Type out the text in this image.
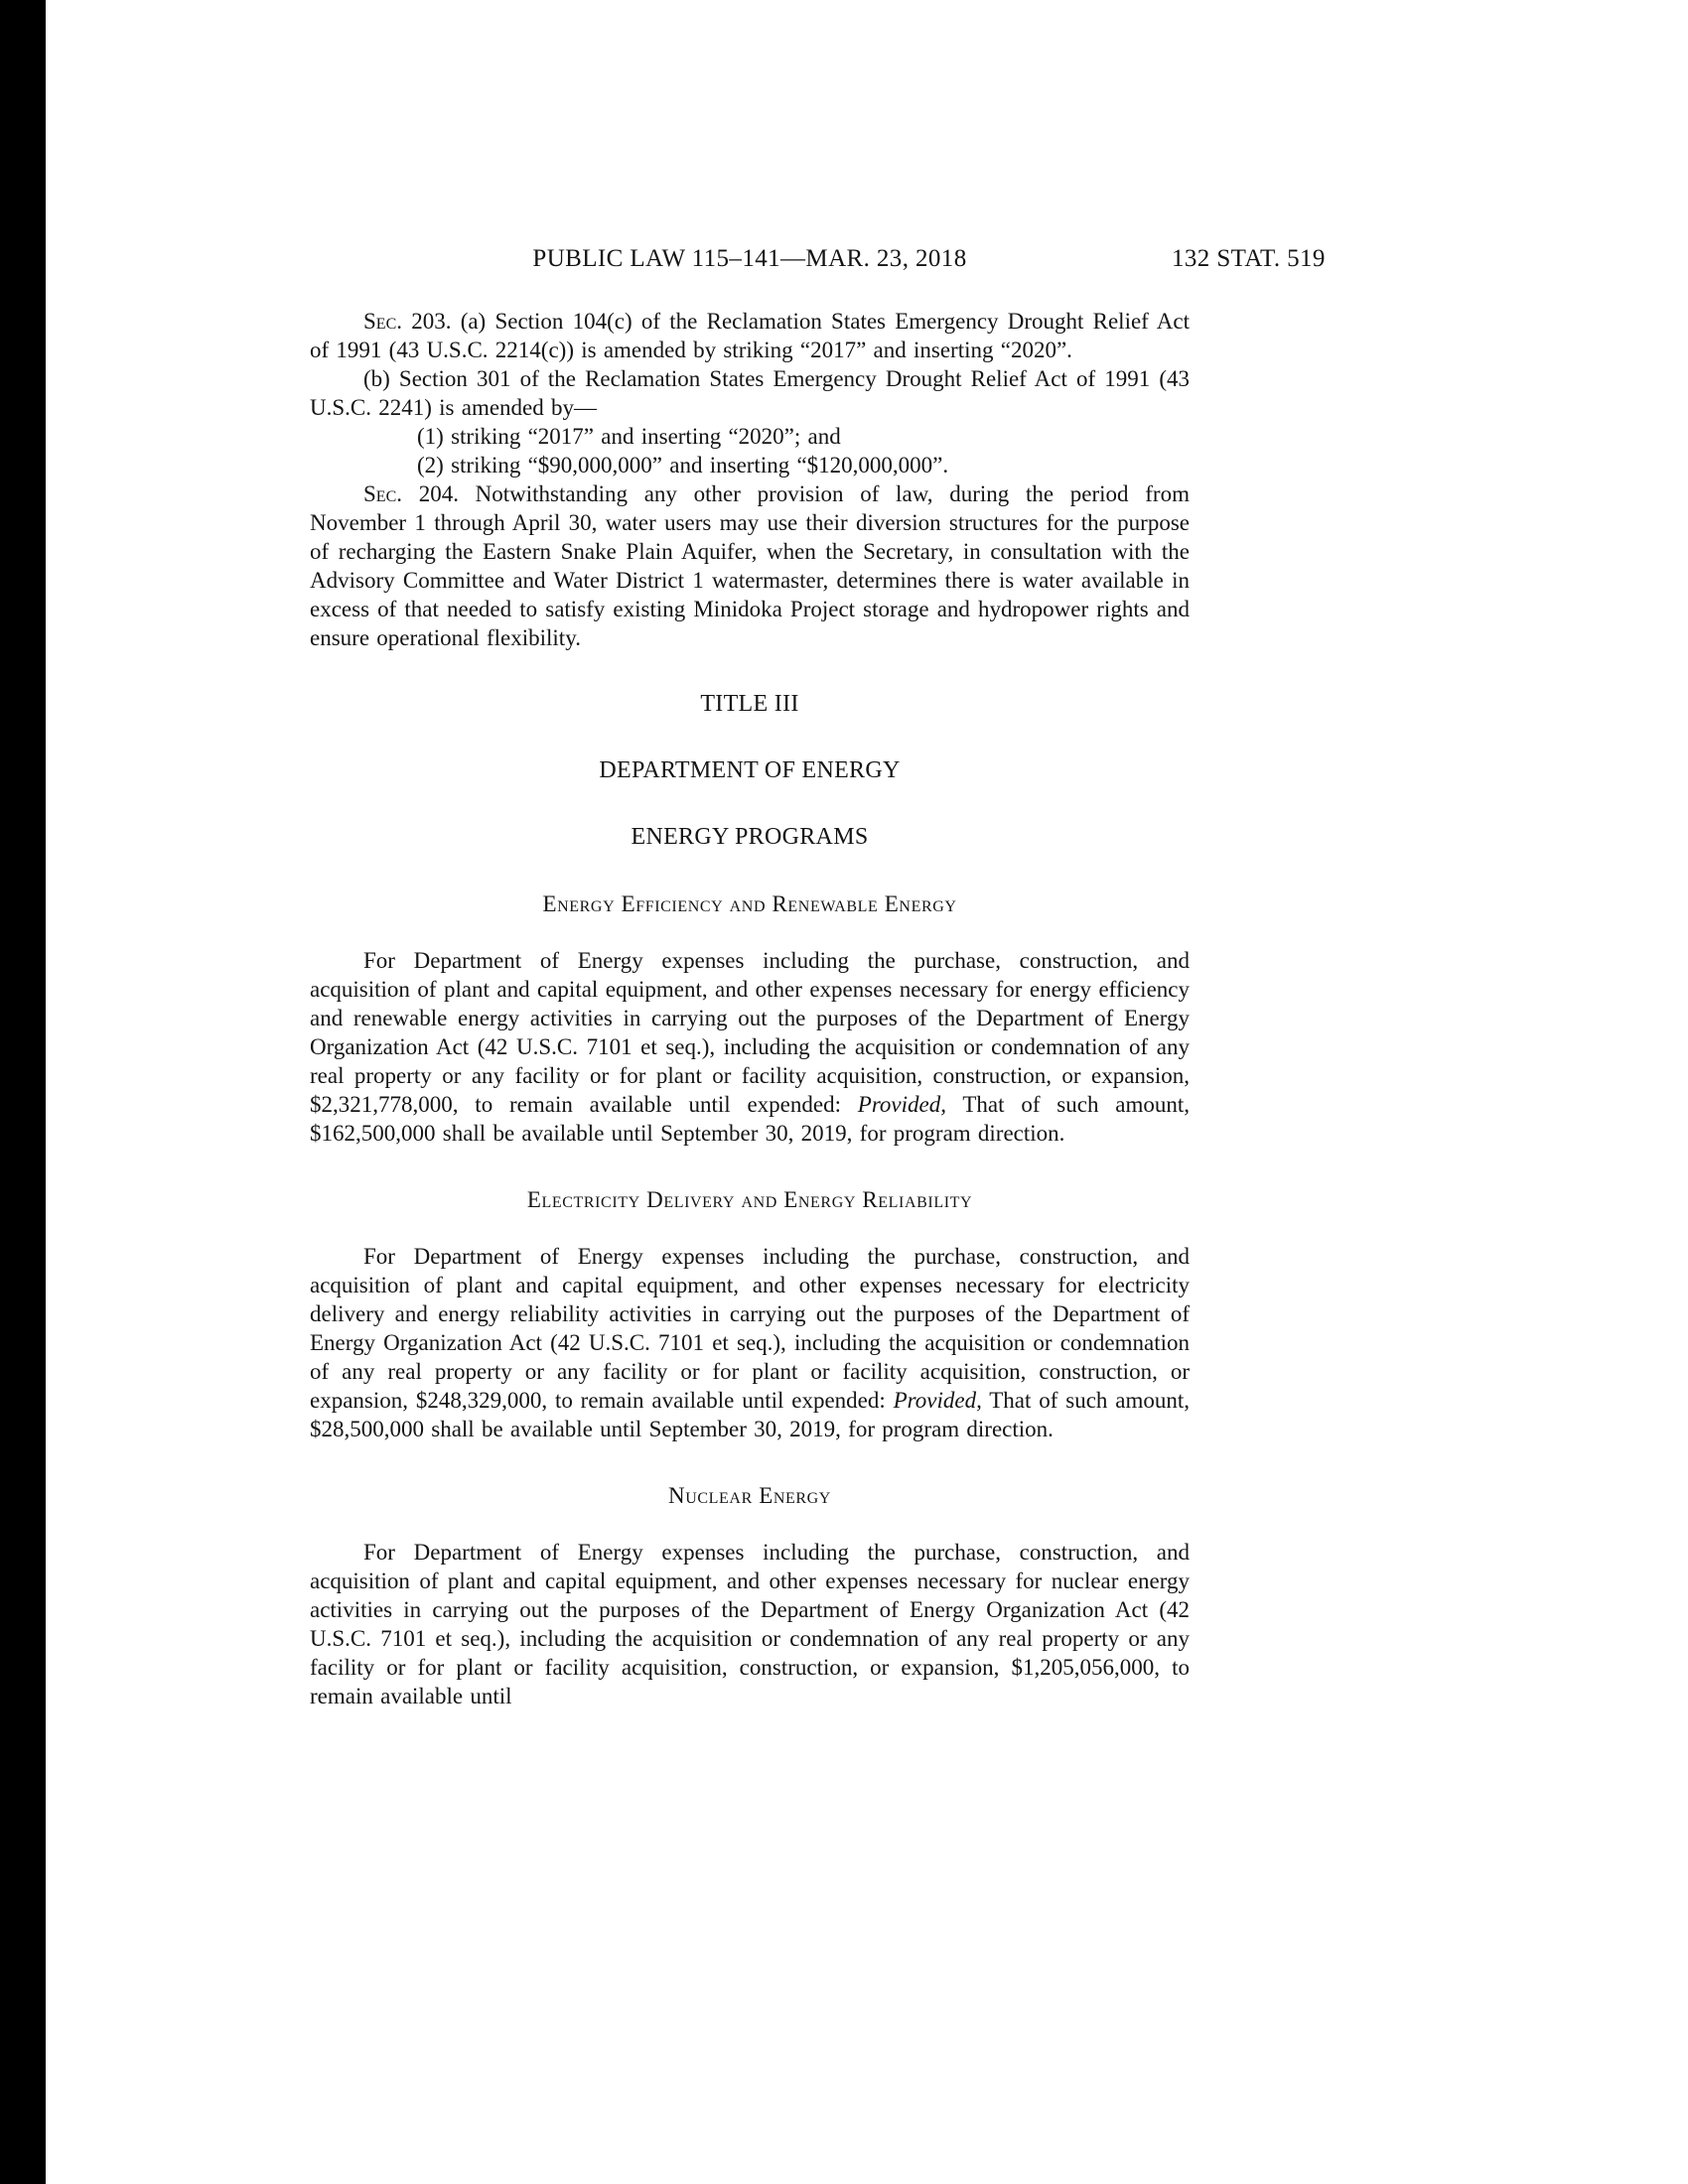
PUBLIC LAW 115–141—MAR. 23, 2018	132 STAT. 519

Sec. 203. (a) Section 104(c) of the Reclamation States Emergency Drought Relief Act of 1991 (43 U.S.C. 2214(c)) is amended by striking “2017” and inserting “2020”.

(b) Section 301 of the Reclamation States Emergency Drought Relief Act of 1991 (43 U.S.C. 2241) is amended by—

(1) striking “2017” and inserting “2020”; and

(2) striking “$90,000,000” and inserting “$120,000,000”.

Sec. 204. Notwithstanding any other provision of law, during the period from November 1 through April 30, water users may use their diversion structures for the purpose of recharging the Eastern Snake Plain Aquifer, when the Secretary, in consultation with the Advisory Committee and Water District 1 watermaster, determines there is water available in excess of that needed to satisfy existing Minidoka Project storage and hydropower rights and ensure operational flexibility.

TITLE III
DEPARTMENT OF ENERGY
ENERGY PROGRAMS
Energy Efficiency and Renewable Energy

For Department of Energy expenses including the purchase, construction, and acquisition of plant and capital equipment, and other expenses necessary for energy efficiency and renewable energy activities in carrying out the purposes of the Department of Energy Organization Act (42 U.S.C. 7101 et seq.), including the acquisition or condemnation of any real property or any facility or for plant or facility acquisition, construction, or expansion, $2,321,778,000, to remain available until expended: Provided, That of such amount, $162,500,000 shall be available until September 30, 2019, for program direction.

Electricity Delivery and Energy Reliability

For Department of Energy expenses including the purchase, construction, and acquisition of plant and capital equipment, and other expenses necessary for electricity delivery and energy reliability activities in carrying out the purposes of the Department of Energy Organization Act (42 U.S.C. 7101 et seq.), including the acquisition or condemnation of any real property or any facility or for plant or facility acquisition, construction, or expansion, $248,329,000, to remain available until expended: Provided, That of such amount, $28,500,000 shall be available until September 30, 2019, for program direction.

Nuclear Energy

For Department of Energy expenses including the purchase, construction, and acquisition of plant and capital equipment, and other expenses necessary for nuclear energy activities in carrying out the purposes of the Department of Energy Organization Act (42 U.S.C. 7101 et seq.), including the acquisition or condemnation of any real property or any facility or for plant or facility acquisition, construction, or expansion, $1,205,056,000, to remain available until
